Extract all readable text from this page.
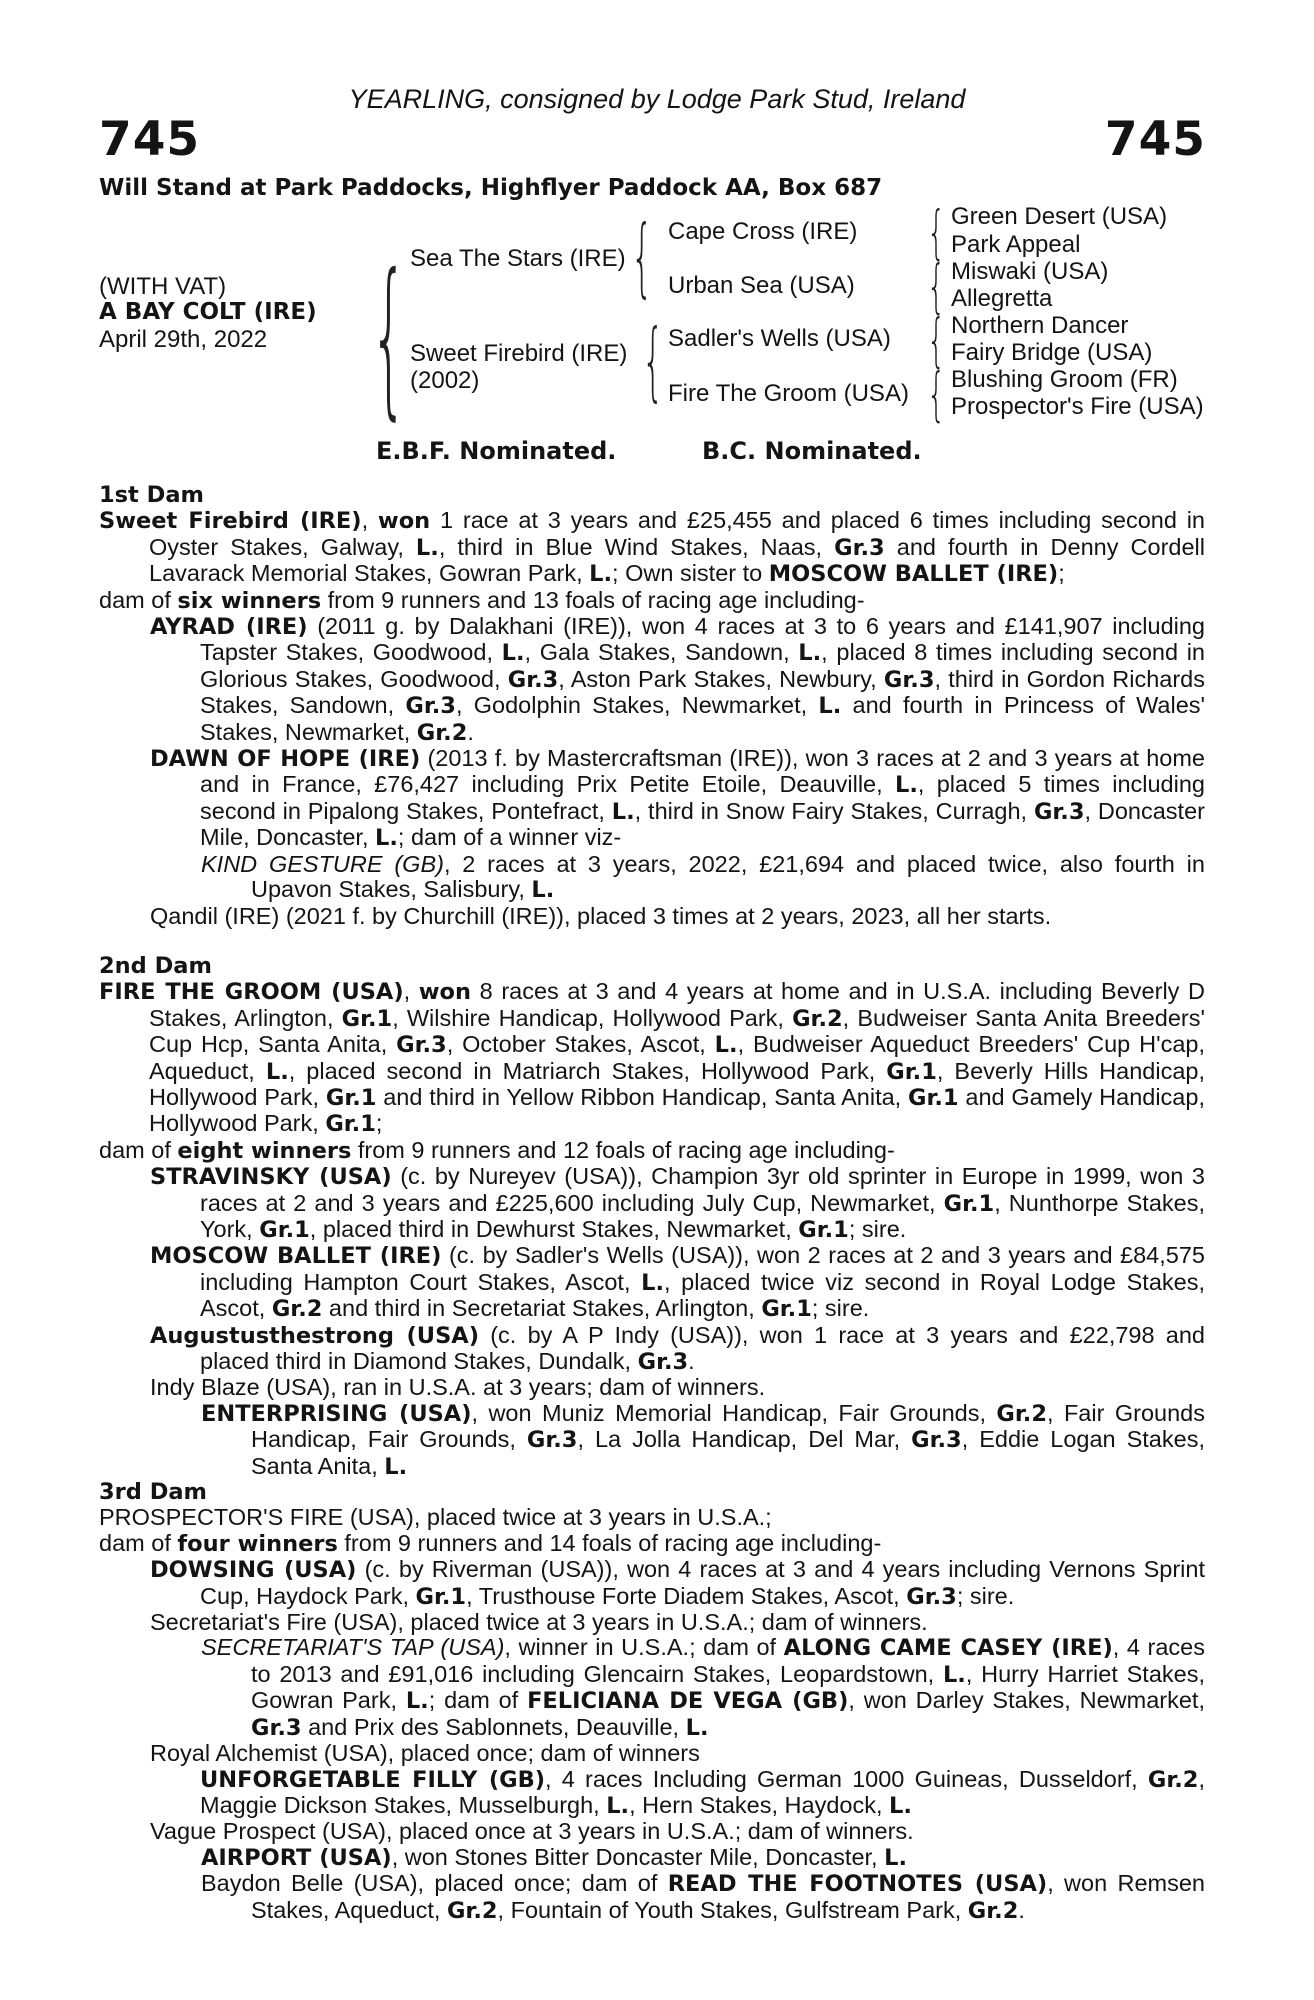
YEARLING, consigned by Lodge Park Stud, Ireland
745	745
Will Stand at Park Paddocks, Highflyer Paddock AA, Box 687
(WITH VAT)
A BAY COLT (IRE)
April 29th, 2022 { Sea The Stars (IRE)
Sweet Firebird (IRE)
(2002)
{
{
Cape Cross (IRE)
Urban Sea (USA)
Sadler's Wells (USA)
Fire The Groom (USA)
{
{
{
{
Green Desert (USA)
Park Appeal
Miswaki (USA)
Allegretta
Northern Dancer
Fairy Bridge (USA)
Blushing Groom (FR)
Prospector's Fire (USA)
E.B.F. Nominated.	B.C. Nominated.

1st Dam

Sweet Firebird (IRE), won 1 race at 3 years and £25,455 and placed 6 times including second in Oyster Stakes, Galway, L., third in Blue Wind Stakes, Naas, Gr.3 and fourth in Denny Cordell Lavarack Memorial Stakes, Gowran Park, L.; Own sister to MOSCOW BALLET (IRE);

dam of six winners from 9 runners and 13 foals of racing age including-

AYRAD (IRE) (2011 g. by Dalakhani (IRE)), won 4 races at 3 to 6 years and £141,907 including Tapster Stakes, Goodwood, L., Gala Stakes, Sandown, L., placed 8 times including second in Glorious Stakes, Goodwood, Gr.3, Aston Park Stakes, Newbury, Gr.3, third in Gordon Richards Stakes, Sandown, Gr.3, Godolphin Stakes, Newmarket, L. and fourth in Princess of Wales' Stakes, Newmarket, Gr.2.

DAWN OF HOPE (IRE) (2013 f. by Mastercraftsman (IRE)), won 3 races at 2 and 3 years at home and in France, £76,427 including Prix Petite Etoile, Deauville, L., placed 5 times including second in Pipalong Stakes, Pontefract, L., third in Snow Fairy Stakes, Curragh, Gr.3, Doncaster Mile, Doncaster, L.; dam of a winner viz-

KIND GESTURE (GB), 2 races at 3 years, 2022, £21,694 and placed twice, also fourth in Upavon Stakes, Salisbury, L.

Qandil (IRE) (2021 f. by Churchill (IRE)), placed 3 times at 2 years, 2023, all her starts.

2nd Dam

FIRE THE GROOM (USA), won 8 races at 3 and 4 years at home and in U.S.A. including Beverly D Stakes, Arlington, Gr.1, Wilshire Handicap, Hollywood Park, Gr.2, Budweiser Santa Anita Breeders' Cup Hcp, Santa Anita, Gr.3, October Stakes, Ascot, L., Budweiser Aqueduct Breeders' Cup H'cap, Aqueduct, L., placed second in Matriarch Stakes, Hollywood Park, Gr.1, Beverly Hills Handicap, Hollywood Park, Gr.1 and third in Yellow Ribbon Handicap, Santa Anita, Gr.1 and Gamely Handicap, Hollywood Park, Gr.1;

dam of eight winners from 9 runners and 12 foals of racing age including-

STRAVINSKY (USA) (c. by Nureyev (USA)), Champion 3yr old sprinter in Europe in 1999, won 3 races at 2 and 3 years and £225,600 including July Cup, Newmarket, Gr.1, Nunthorpe Stakes, York, Gr.1, placed third in Dewhurst Stakes, Newmarket, Gr.1; sire.

MOSCOW BALLET (IRE) (c. by Sadler's Wells (USA)), won 2 races at 2 and 3 years and £84,575 including Hampton Court Stakes, Ascot, L., placed twice viz second in Royal Lodge Stakes, Ascot, Gr.2 and third in Secretariat Stakes, Arlington, Gr.1; sire.

Augustusthestrong (USA) (c. by A P Indy (USA)), won 1 race at 3 years and £22,798 and placed third in Diamond Stakes, Dundalk, Gr.3.

Indy Blaze (USA), ran in U.S.A. at 3 years; dam of winners.

ENTERPRISING (USA), won Muniz Memorial Handicap, Fair Grounds, Gr.2, Fair Grounds Handicap, Fair Grounds, Gr.3, La Jolla Handicap, Del Mar, Gr.3, Eddie Logan Stakes, Santa Anita, L.

3rd Dam

PROSPECTOR'S FIRE (USA), placed twice at 3 years in U.S.A.;

dam of four winners from 9 runners and 14 foals of racing age including-

DOWSING (USA) (c. by Riverman (USA)), won 4 races at 3 and 4 years including Vernons Sprint Cup, Haydock Park, Gr.1, Trusthouse Forte Diadem Stakes, Ascot, Gr.3; sire.

Secretariat's Fire (USA), placed twice at 3 years in U.S.A.; dam of winners.

SECRETARIAT'S TAP (USA), winner in U.S.A.; dam of ALONG CAME CASEY (IRE), 4 races to 2013 and £91,016 including Glencairn Stakes, Leopardstown, L., Hurry Harriet Stakes, Gowran Park, L.; dam of FELICIANA DE VEGA (GB), won Darley Stakes, Newmarket, Gr.3 and Prix des Sablonnets, Deauville, L.

Royal Alchemist (USA), placed once; dam of winners

UNFORGETABLE FILLY (GB), 4 races Including German 1000 Guineas, Dusseldorf, Gr.2, Maggie Dickson Stakes, Musselburgh, L., Hern Stakes, Haydock, L.

Vague Prospect (USA), placed once at 3 years in U.S.A.; dam of winners.

AIRPORT (USA), won Stones Bitter Doncaster Mile, Doncaster, L.

Baydon Belle (USA), placed once; dam of READ THE FOOTNOTES (USA), won Remsen Stakes, Aqueduct, Gr.2, Fountain of Youth Stakes, Gulfstream Park, Gr.2.
